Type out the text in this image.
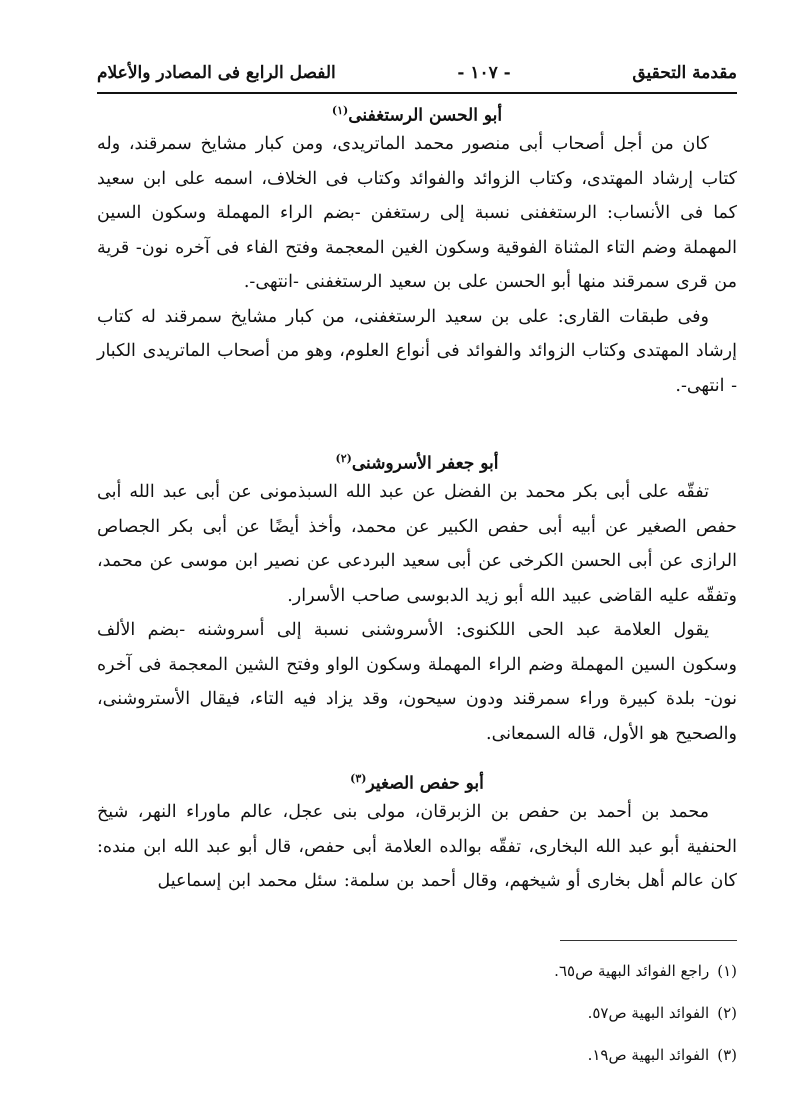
مقدمة التحقيق
- ١٠٧ -
الفصل الرابع فى المصادر والأعلام
أبو الحسن الرستغفنى$^{(١)}$

كان من أجل أصحاب أبى منصور محمد الماتريدى، ومن كبار مشايخ سمرقند، وله كتاب إرشاد المهتدى، وكتاب الزوائد والفوائد وكتاب فى الخلاف، اسمه على ابن سعيد كما فى الأنساب: الرستغفنى نسبة إلى رستغفن -بضم الراء المهملة وسكون السين المهملة وضم التاء المثناة الفوقية وسكون الغين المعجمة وفتح الفاء فى آخره نون- قرية من قرى سمرقند منها أبو الحسن على بن سعيد الرستغفنى -انتهى-.

وفى طبقات القارى: على بن سعيد الرستغفنى، من كبار مشايخ سمرقند له كتاب إرشاد المهتدى وكتاب الزوائد والفوائد فى أنواع العلوم، وهو من أصحاب الماتريدى الكبار - انتهى-.

أبو جعفر الأسروشنى$^{(٢)}$

تفقّه على أبى بكر محمد بن الفضل عن عبد الله السبذمونى عن أبى عبد الله أبى حفص الصغير عن أبيه أبى حفص الكبير عن محمد، وأخذ أيضًا عن أبى بكر الجصاص الرازى عن أبى الحسن الكرخى عن أبى سعيد البردعى عن نصير ابن موسى عن محمد، وتفقّه عليه القاضى عبيد الله أبو زيد الدبوسى صاحب الأسرار.

يقول العلامة عبد الحى اللكنوى: الأسروشنى نسبة إلى أسروشنه -بضم الألف وسكون السين المهملة وضم الراء المهملة وسكون الواو وفتح الشين المعجمة فى آخره نون- بلدة كبيرة وراء سمرقند ودون سيحون، وقد يزاد فيه التاء، فيقال الأستروشنى، والصحيح هو الأول، قاله السمعانى.

أبو حفص الصغير$^{(٣)}$

محمد بن أحمد بن حفص بن الزبرقان، مولى بنى عجل، عالم ماوراء النهر، شيخ الحنفية أبو عبد الله البخارى، تفقّه بوالده العلامة أبى حفص، قال أبو عبد الله ابن منده: كان عالم أهل بخارى أو شيخهم، وقال أحمد بن سلمة: سئل محمد ابن إسماعيل

(١)
راجع الفوائد البهية ص٦٥.
(٢)
الفوائد البهية ص٥٧.
(٣)
الفوائد البهية ص١٩.
